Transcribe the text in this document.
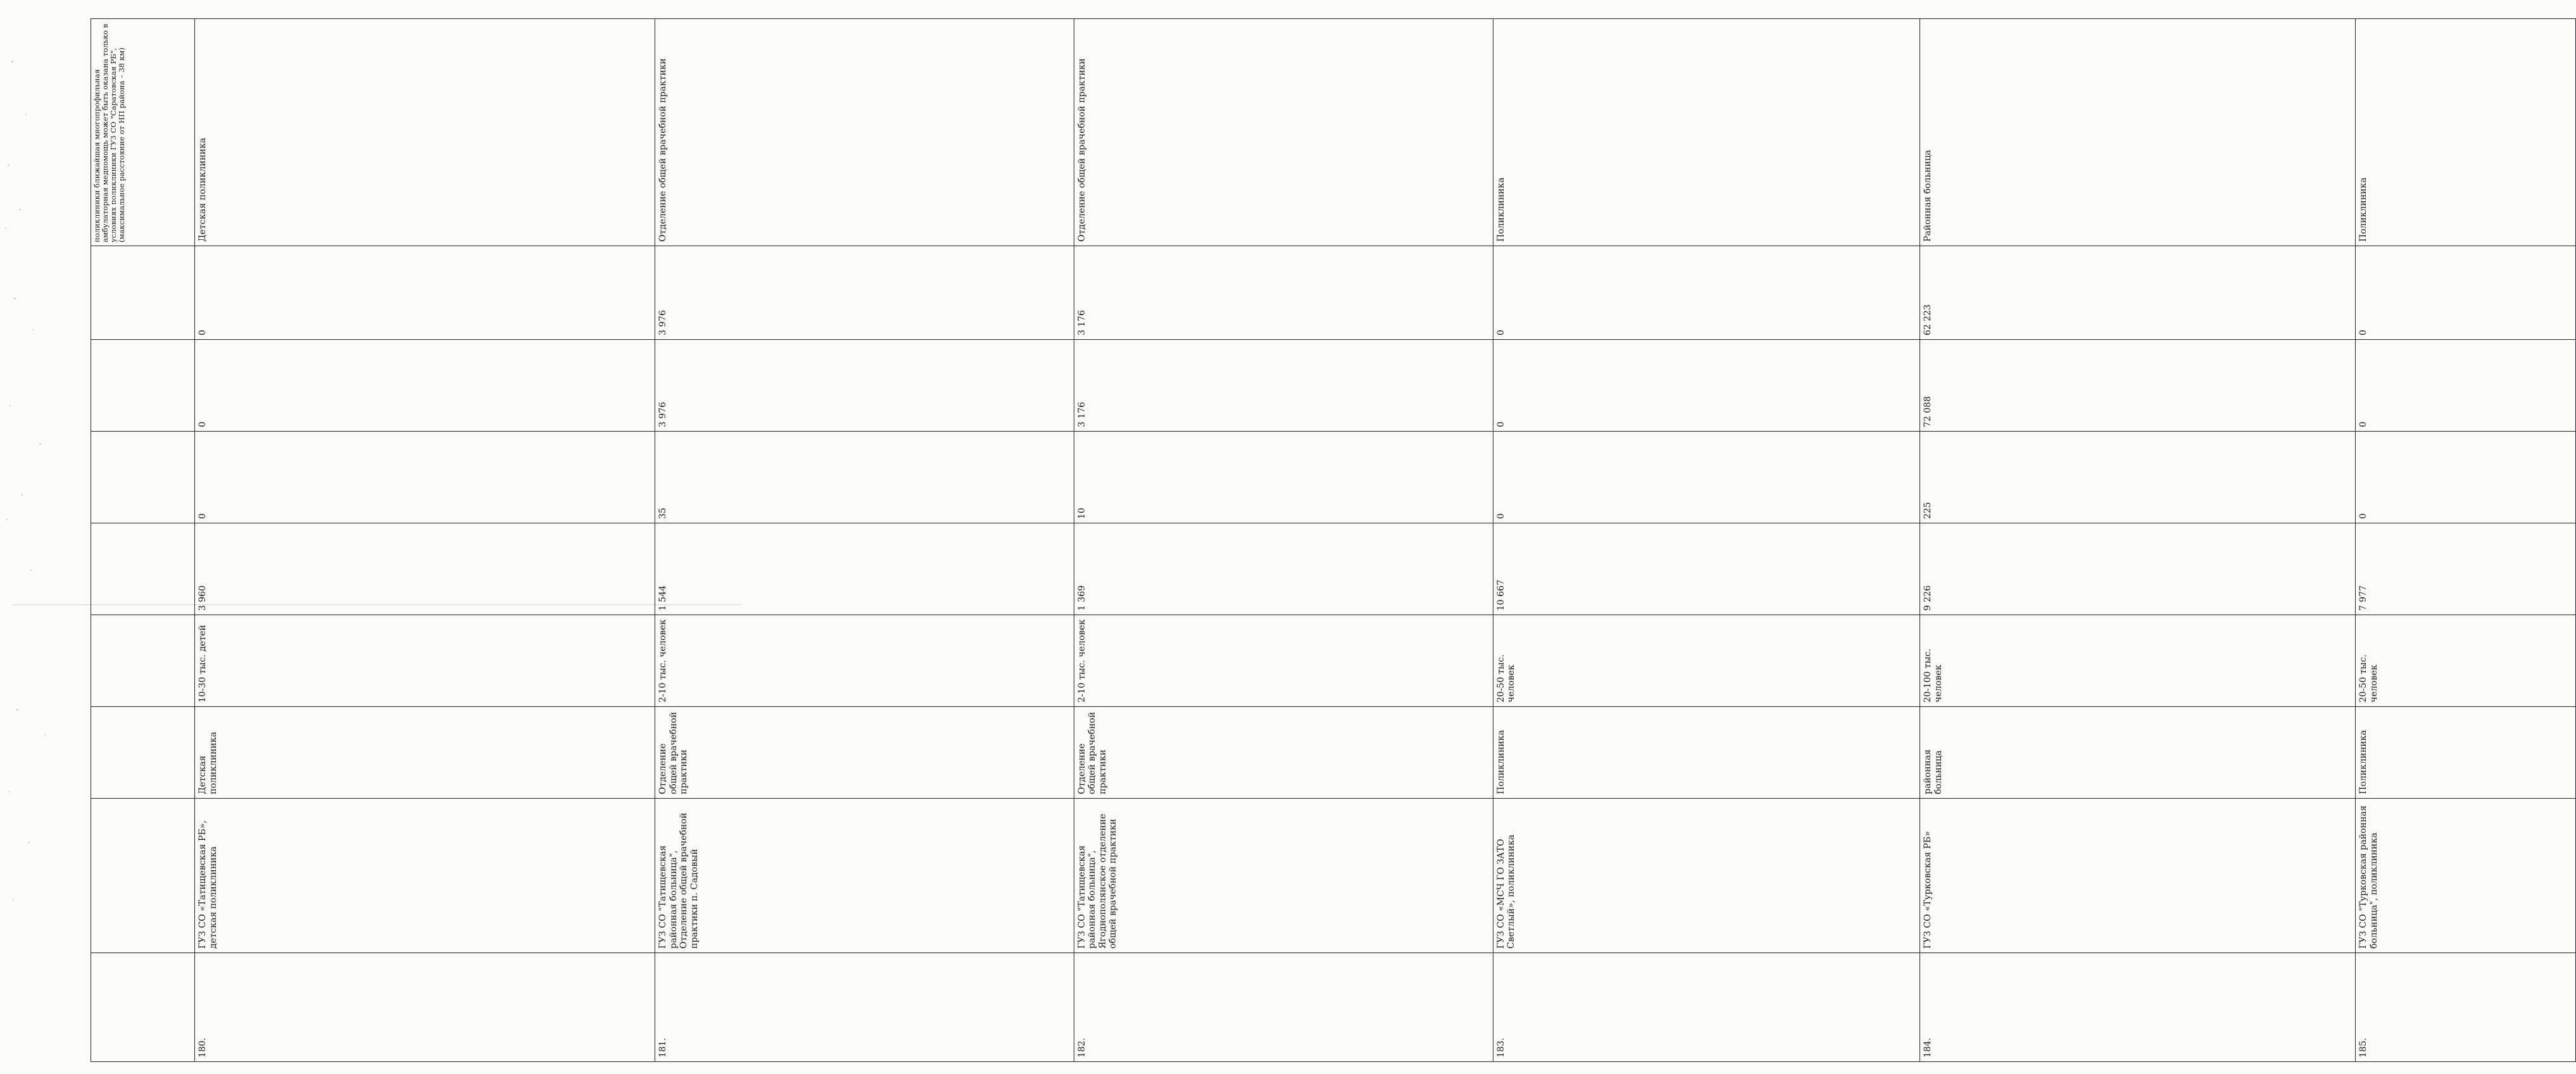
								поликлиники ближайшая многопрофильная амбулаторная медпомощь может быть оказана только в условиях поликлиники ГУЗ СО "Саратовская РБ", (максимальное расстояние от НП района – 38 км)	
180.	ГУЗ СО «Татищевская РБ», детская поликлиника	Детская поликлиника	10-30 тыс. детей	3 960	0	0	0	Детская поликлиника	
181.	ГУЗ СО "Татищевская районная больница", Отделение общей врачебной практики п. Садовый	Отделение общей врачебной практики	2-10 тыс. человек	1 544	35	3 976	3 976	Отделение общей врачебной практики	
182.	ГУЗ СО "Татищевская районная больница", Ягоднополянское отделение общей врачебной практики	Отделение общей врачебной практики	2-10 тыс. человек	1 369	10	3 176	3 176	Отделение общей врачебной практики	
183.	ГУЗ СО «МСЧ ГО ЗАТО Светлый», поликлиника	Поликлиника	20-50 тыс. человек	10 667	0	0	0	Поликлиника	
184.	ГУЗ СО «Турковская РБ»	районная больница	20-100 тыс. человек	9 226	225	72 088	62 223	Районная больница	
185.	ГУЗ СО "Турковская районная больница", поликлиника	Поликлиника	20-50 тыс. человек	7 977	0	0	0	Поликлиника	
